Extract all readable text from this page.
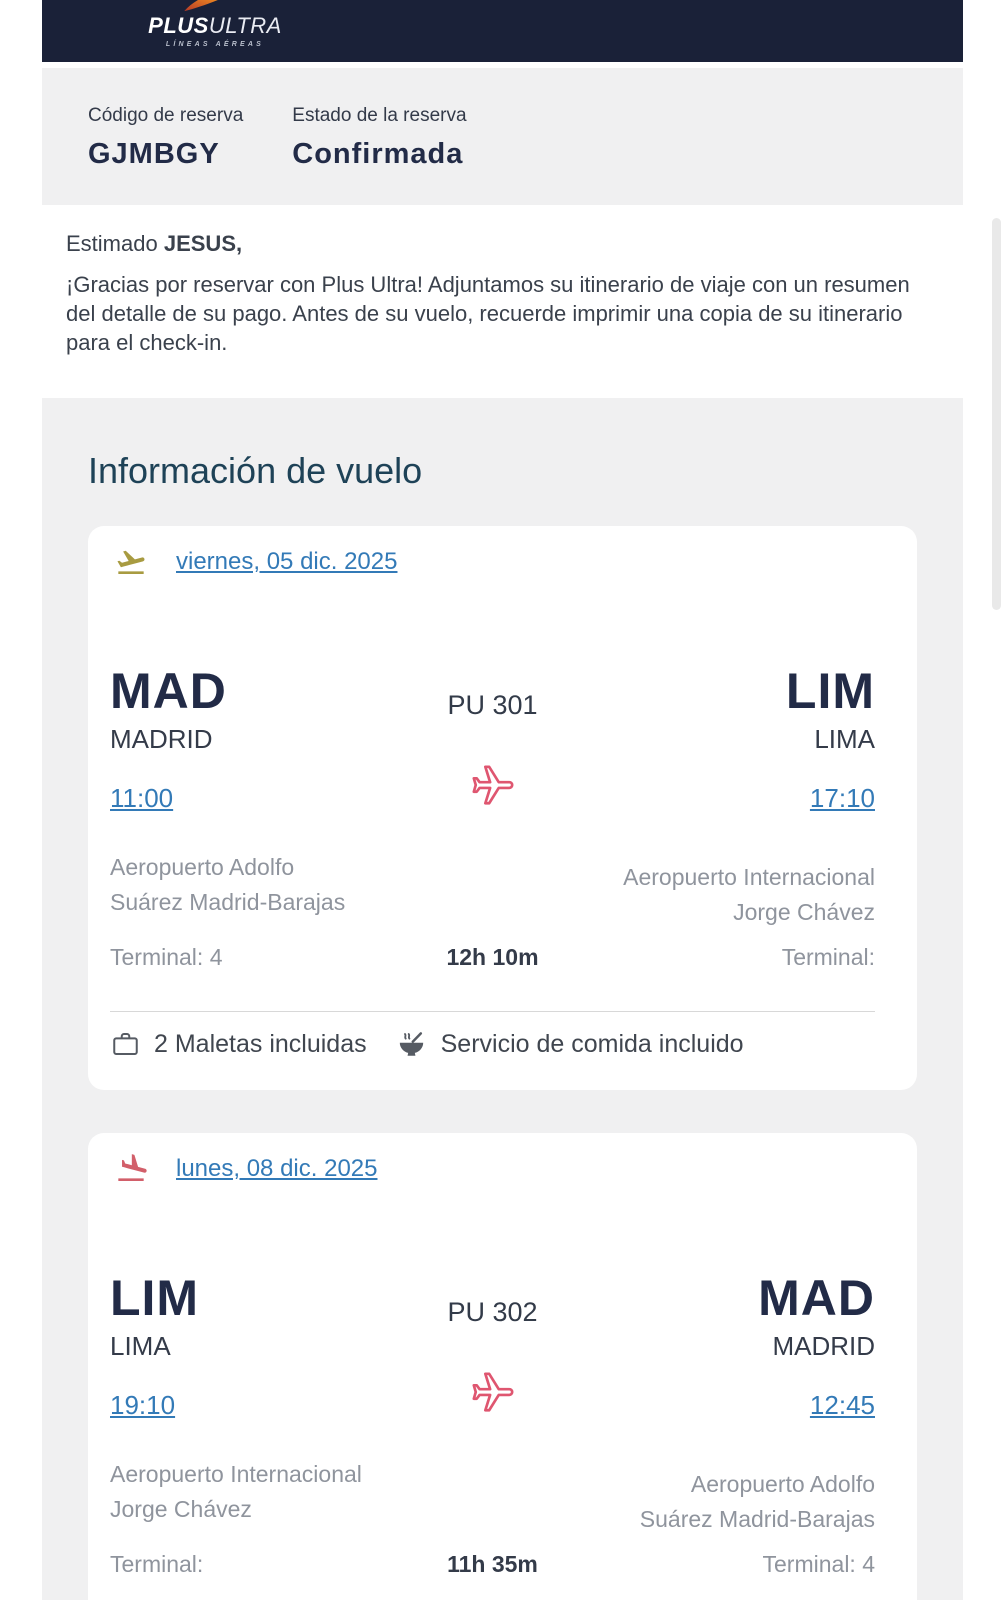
PLUSULTRA
LÍNEAS AÉREAS
Código de reserva
GJMBGY
Estado de la reserva
Confirmada
Estimado JESUS,
¡Gracias por reservar con Plus Ultra! Adjuntamos su itinerario de viaje con un resumen del detalle de su pago. Antes de su vuelo, recuerde imprimir una copia de su itinerario para el check-in.
Información de vuelo
viernes, 05 dic. 2025
MAD
MADRID
11:00
PU 301	LIM
LIMA
17:10
Aeropuerto Adolfo
Suárez Madrid-Barajas
Aeropuerto Internacional
Jorge Chávez
Terminal: 4	12h 10m	Terminal:
2 Maletas incluidas	Servicio de comida incluido
lunes, 08 dic. 2025
LIM
LIMA
19:10
PU 302	MAD
MADRID
12:45
Aeropuerto Internacional
Jorge Chávez
Aeropuerto Adolfo
Suárez Madrid-Barajas
Terminal:	11h 35m	Terminal: 4
